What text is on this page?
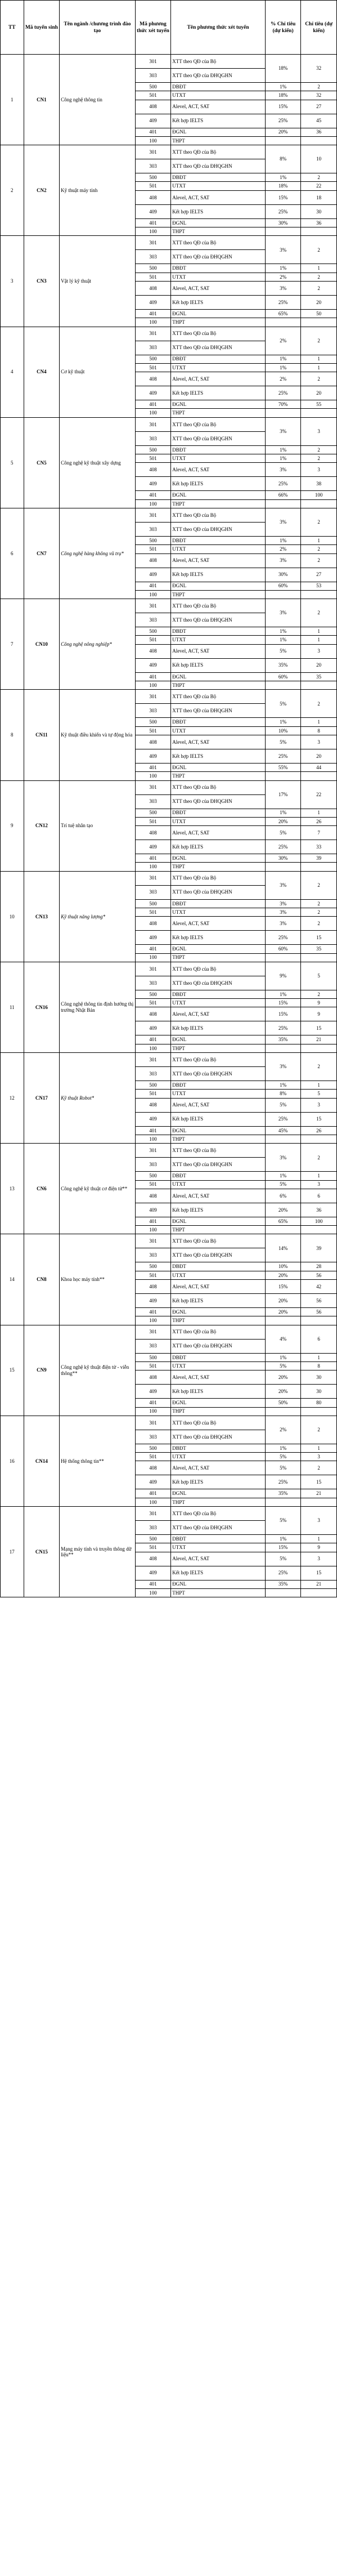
TT	Mã tuyển sinh	Tên ngành /chương trình đào tạo	Mã phương thức xét tuyển	Tên phương thức xét tuyển	% Chỉ tiêu (dự kiến)	Chỉ tiêu (dự kiến)
1	CN1	Công nghệ thông tin	301	XTT theo QĐ của Bộ	18%	32
			303	XTT theo QĐ của ĐHQGHN		
			500	DBĐT	1%	2
			501	UTXT	18%	32
			408	Alevel, ACT, SAT	15%	27
			409	Kết hợp IELTS	25%	45
			401	ĐGNL	20%	36
			100	THPT		
2	CN2	Kỹ thuật máy tính	301	XTT theo QĐ của Bộ	8%	10
			303	XTT theo QĐ của ĐHQGHN		
			500	DBĐT	1%	2
			501	UTXT	18%	22
			408	Alevel, ACT, SAT	15%	18
			409	Kết hợp IELTS	25%	30
			401	ĐGNL	30%	36
			100	THPT		
3	CN3	Vật lý kỹ thuật	301	XTT theo QĐ của Bộ	3%	2
			303	XTT theo QĐ của ĐHQGHN		
			500	DBĐT	1%	1
			501	UTXT	2%	2
			408	Alevel, ACT, SAT	3%	2
			409	Kết hợp IELTS	25%	20
			401	ĐGNL	65%	50
			100	THPT		
4	CN4	Cơ kỹ thuật	301	XTT theo QĐ của Bộ	2%	2
			303	XTT theo QĐ của ĐHQGHN		
			500	DBĐT	1%	1
			501	UTXT	1%	1
			408	Alevel, ACT, SAT	2%	2
			409	Kết hợp IELTS	25%	20
			401	ĐGNL	70%	55
			100	THPT		
5	CN5	Công nghệ kỹ thuật xây dựng	301	XTT theo QĐ của Bộ	3%	3
			303	XTT theo QĐ của ĐHQGHN		
			500	DBĐT	1%	2
			501	UTXT	1%	2
			408	Alevel, ACT, SAT	3%	3
			409	Kết hợp IELTS	25%	38
			401	ĐGNL	66%	100
			100	THPT		
6	CN7	Công nghệ hàng không vũ trụ*	301	XTT theo QĐ của Bộ	3%	2
			303	XTT theo QĐ của ĐHQGHN		
			500	DBĐT	1%	1
			501	UTXT	2%	2
			408	Alevel, ACT, SAT	3%	2
			409	Kết hợp IELTS	30%	27
			401	ĐGNL	60%	53
			100	THPT		
7	CN10	Công nghệ nông nghiệp*	301	XTT theo QĐ của Bộ	3%	2
			303	XTT theo QĐ của ĐHQGHN		
			500	DBĐT	1%	1
			501	UTXT	1%	1
			408	Alevel, ACT, SAT	5%	3
			409	Kết hợp IELTS	35%	20
			401	ĐGNL	60%	35
			100	THPT		
8	CN11	Kỹ thuật điều khiển và tự động hóa	301	XTT theo QĐ của Bộ	5%	2
			303	XTT theo QĐ của ĐHQGHN		
			500	DBĐT	1%	1
			501	UTXT	10%	8
			408	Alevel, ACT, SAT	5%	3
			409	Kết hợp IELTS	25%	20
			401	ĐGNL	55%	44
			100	THPT		
9	CN12	Trí tuệ nhân tạo	301	XTT theo QĐ của Bộ	17%	22
			303	XTT theo QĐ của ĐHQGHN		
			500	DBĐT	1%	1
			501	UTXT	20%	26
			408	Alevel, ACT, SAT	5%	7
			409	Kết hợp IELTS	25%	33
			401	ĐGNL	30%	39
			100	THPT		
10	CN13	Kỹ thuật năng lượng*	301	XTT theo QĐ của Bộ	3%	2
			303	XTT theo QĐ của ĐHQGHN		
			500	DBĐT	3%	2
			501	UTXT	3%	2
			408	Alevel, ACT, SAT	3%	2
			409	Kết hợp IELTS	25%	15
			401	ĐGNL	60%	35
			100	THPT		
11	CN16	Công nghệ thông tin định hướng thị trường Nhật Bản	301	XTT theo QĐ của Bộ	9%	5
			303	XTT theo QĐ của ĐHQGHN		
			500	DBĐT	1%	2
			501	UTXT	15%	9
			408	Alevel, ACT, SAT	15%	9
			409	Kết hợp IELTS	25%	15
			401	ĐGNL	35%	21
			100	THPT		
12	CN17	Kỹ thuật Robot*	301	XTT theo QĐ của Bộ	3%	2
			303	XTT theo QĐ của ĐHQGHN		
			500	DBĐT	1%	1
			501	UTXT	8%	5
			408	Alevel, ACT, SAT	5%	3
			409	Kết hợp IELTS	25%	15
			401	ĐGNL	45%	26
			100	THPT		
13	CN6	Công nghệ kỹ thuật cơ điện tử**	301	XTT theo QĐ của Bộ	3%	2
			303	XTT theo QĐ của ĐHQGHN		
			500	DBĐT	1%	1
			501	UTXT	5%	3
			408	Alevel, ACT, SAT	6%	6
			409	Kết hợp IELTS	20%	36
			401	ĐGNL	65%	100
			100	THPT		
14	CN8	Khoa học máy tính**	301	XTT theo QĐ của Bộ	14%	39
			303	XTT theo QĐ của ĐHQGHN		
			500	DBĐT	10%	28
			501	UTXT	20%	56
			408	Alevel, ACT, SAT	15%	42
			409	Kết hợp IELTS	20%	56
			401	ĐGNL	20%	56
			100	THPT		
15	CN9	Công nghệ kỹ thuật điện tử - viễn thông**	301	XTT theo QĐ của Bộ	4%	6
			303	XTT theo QĐ của ĐHQGHN		
			500	DBĐT	1%	1
			501	UTXT	5%	8
			408	Alevel, ACT, SAT	20%	30
			409	Kết hợp IELTS	20%	30
			401	ĐGNL	50%	80
			100	THPT		
16	CN14	Hệ thống thông tin**	301	XTT theo QĐ của Bộ	2%	2
			303	XTT theo QĐ của ĐHQGHN		
			500	DBĐT	1%	1
			501	UTXT	5%	3
			408	Alevel, ACT, SAT	5%	2
			409	Kết hợp IELTS	25%	15
			401	ĐGNL	35%	21
			100	THPT		
17	CN15	Mạng máy tính và truyền thông dữ liệu**	301	XTT theo QĐ của Bộ	5%	3
			303	XTT theo QĐ của ĐHQGHN		
			500	DBĐT	1%	1
			501	UTXT	15%	9
			408	Alevel, ACT, SAT	5%	3
			409	Kết hợp IELTS	25%	15
			401	ĐGNL	35%	21
			100	THPT		
